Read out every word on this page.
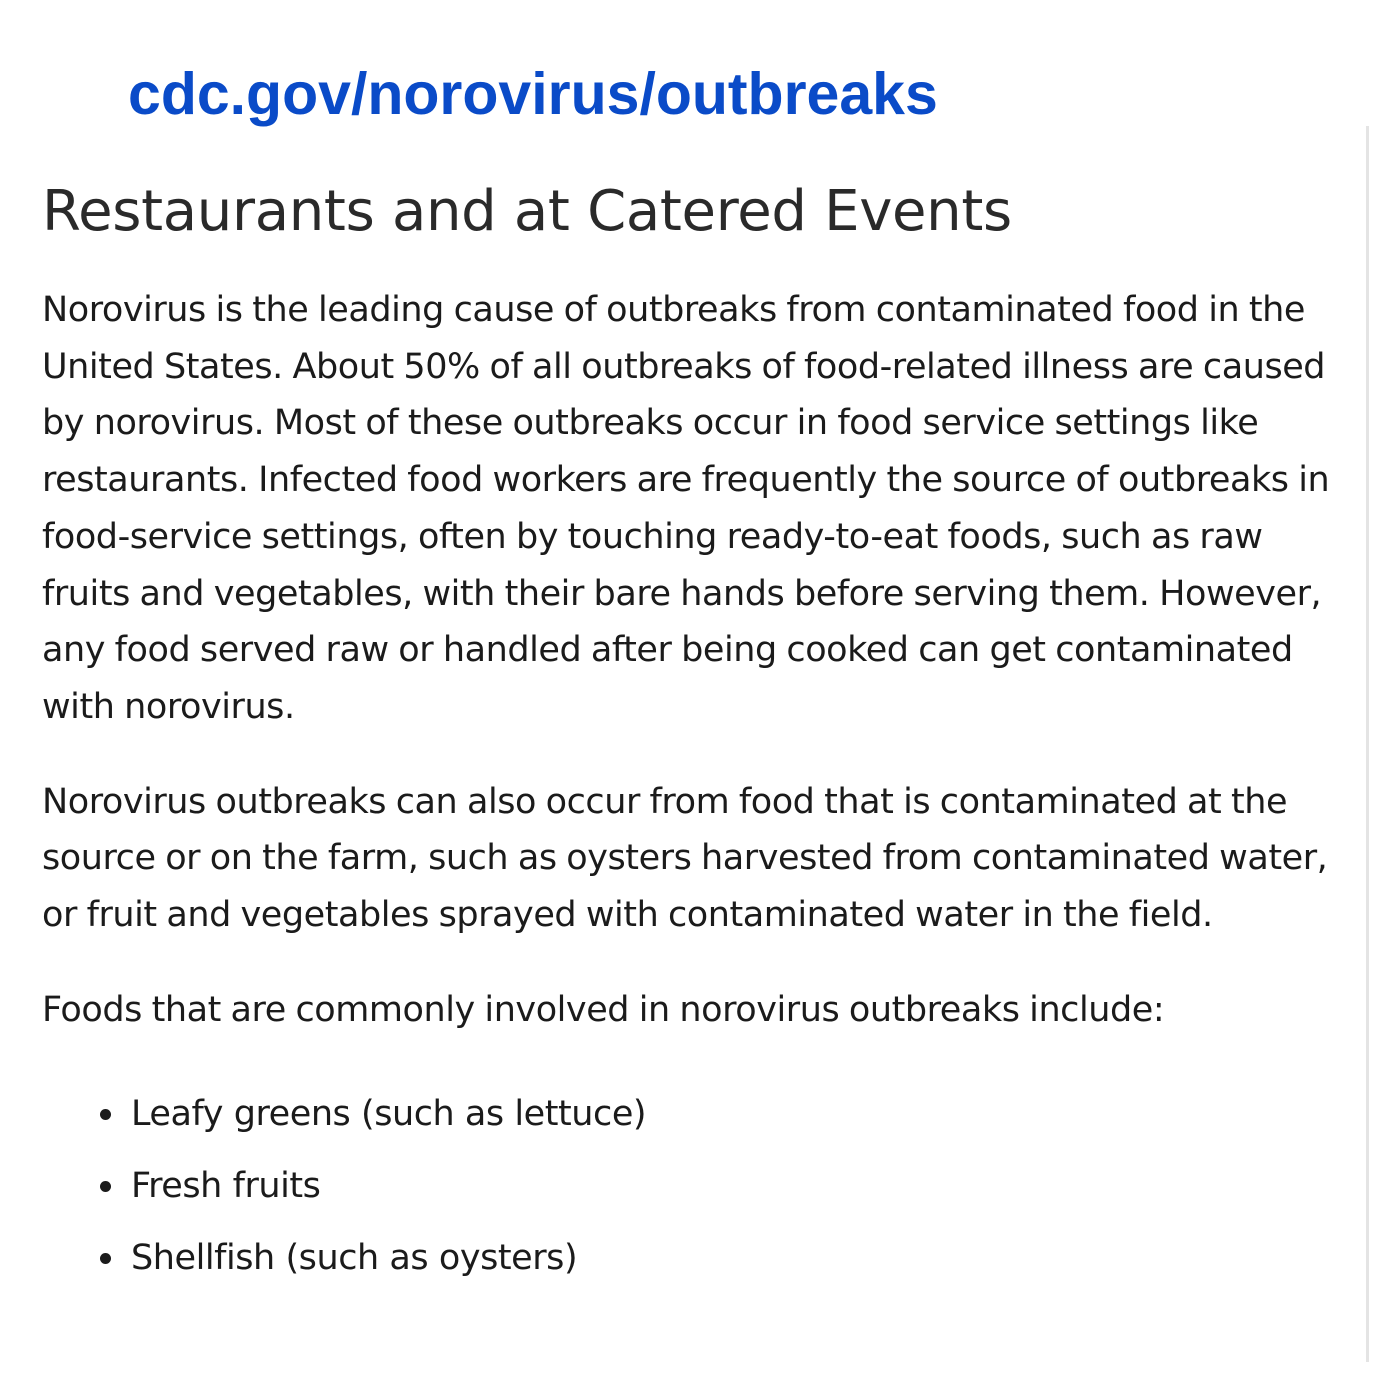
cdc.gov/norovirus/outbreaks
Restaurants and at Catered Events

Norovirus is the leading cause of outbreaks from contaminated food in the United States. About 50% of all outbreaks of food-related illness are caused by norovirus. Most of these outbreaks occur in food service settings like restaurants. Infected food workers are frequently the source of outbreaks in food-service settings, often by touching ready-to-eat foods, such as raw fruits and vegetables, with their bare hands before serving them. However, any food served raw or handled after being cooked can get contaminated with norovirus.

Norovirus outbreaks can also occur from food that is contaminated at the source or on the farm, such as oysters harvested from contaminated water, or fruit and vegetables sprayed with contaminated water in the field.

Foods that are commonly involved in norovirus outbreaks include:

Leafy greens (such as lettuce)
Fresh fruits
Shellfish (such as oysters)
